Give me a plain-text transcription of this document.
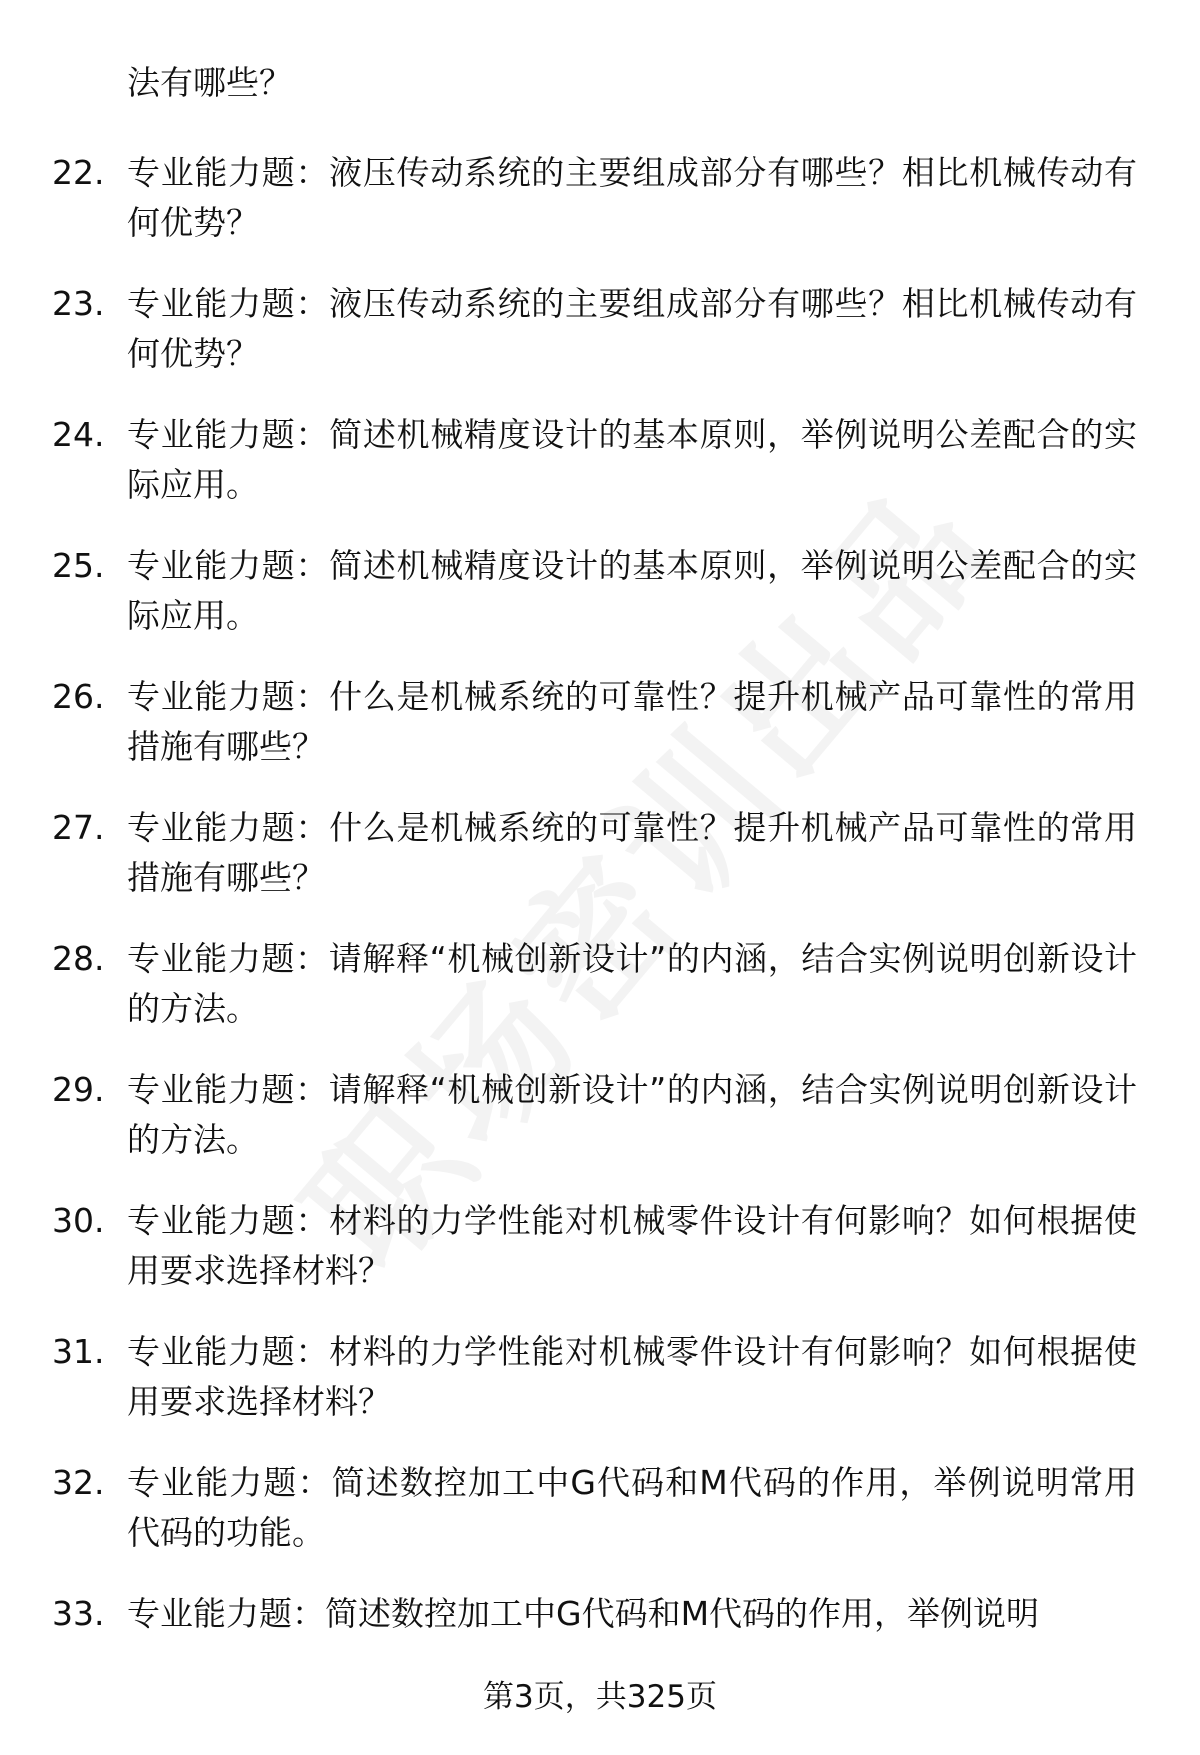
法有哪些？

22. 专业能力题：液压传动系统的主要组成部分有哪些？相比机械传动有何优势？
23. 专业能力题：液压传动系统的主要组成部分有哪些？相比机械传动有何优势？
24. 专业能力题：简述机械精度设计的基本原则，举例说明公差配合的实际应用。
25. 专业能力题：简述机械精度设计的基本原则，举例说明公差配合的实际应用。
26. 专业能力题：什么是机械系统的可靠性？提升机械产品可靠性的常用措施有哪些？
27. 专业能力题：什么是机械系统的可靠性？提升机械产品可靠性的常用措施有哪些？
28. 专业能力题：请解释“机械创新设计”的内涵，结合实例说明创新设计的方法。
29. 专业能力题：请解释“机械创新设计”的内涵，结合实例说明创新设计的方法。
30. 专业能力题：材料的力学性能对机械零件设计有何影响？如何根据使用要求选择材料？
31. 专业能力题：材料的力学性能对机械零件设计有何影响？如何根据使用要求选择材料？
32. 专业能力题：简述数控加工中G代码和M代码的作用，举例说明常用代码的功能。
33. 专业能力题：简述数控加工中G代码和M代码的作用，举例说明
第3页，共325页
